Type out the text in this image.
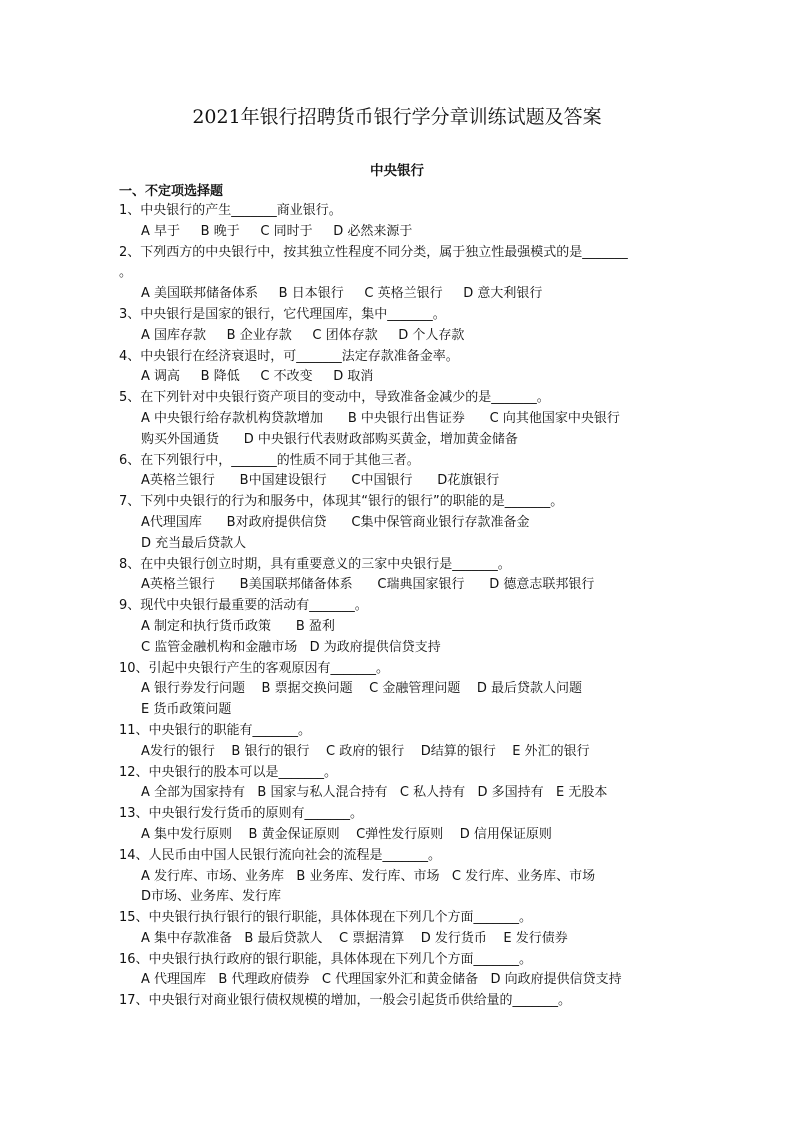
2021年银行招聘货币银行学分章训练试题及答案
中央银行
一、不定项选择题
1、中央银行的产生_______商业银行。
A 早于     B 晚于     C 同时于     D 必然来源于
2、下列西方的中央银行中，按其独立性程度不同分类，属于独立性最强模式的是_______
。
A 美国联邦储备体系     B 日本银行     C 英格兰银行     D 意大利银行
3、中央银行是国家的银行，它代理国库，集中_______。
A 国库存款     B 企业存款     C 团体存款     D 个人存款
4、中央银行在经济衰退时，可_______法定存款准备金率。
A 调高     B 降低     C 不改变     D 取消
5、在下列针对中央银行资产项目的变动中，导致准备金减少的是_______。
A 中央银行给存款机构贷款增加      B 中央银行出售证券      C 向其他国家中央银行
购买外国通货      D 中央银行代表财政部购买黄金，增加黄金储备
6、在下列银行中，_______的性质不同于其他三者。
A英格兰银行      B中国建设银行      C中国银行      D花旗银行
7、下列中央银行的行为和服务中，体现其“银行的银行”的职能的是_______。
A代理国库      B对政府提供信贷      C集中保管商业银行存款准备金
D 充当最后贷款人
8、在中央银行创立时期，具有重要意义的三家中央银行是_______。
A英格兰银行      B美国联邦储备体系      C瑞典国家银行      D 德意志联邦银行
9、现代中央银行最重要的活动有_______。
A 制定和执行货币政策      B 盈利
C 监管金融机构和金融市场   D 为政府提供信贷支持
10、引起中央银行产生的客观原因有_______。
A 银行券发行问题    B 票据交换问题    C 金融管理问题    D 最后贷款人问题
E 货币政策问题
11、中央银行的职能有_______。
A发行的银行    B 银行的银行    C 政府的银行    D结算的银行    E 外汇的银行
12、中央银行的股本可以是_______。
A 全部为国家持有   B 国家与私人混合持有   C 私人持有   D 多国持有   E 无股本
13、中央银行发行货币的原则有_______。
A 集中发行原则    B 黄金保证原则    C弹性发行原则    D 信用保证原则
14、人民币由中国人民银行流向社会的流程是_______。
A 发行库、市场、业务库   B 业务库、发行库、市场   C 发行库、业务库、市场
D市场、业务库、发行库
15、中央银行执行银行的银行职能，具体体现在下列几个方面_______。
A 集中存款准备   B 最后贷款人    C 票据清算    D 发行货币    E 发行债券
16、中央银行执行政府的银行职能，具体体现在下列几个方面_______。
A 代理国库   B 代理政府债券   C 代理国家外汇和黄金储备   D 向政府提供信贷支持
17、中央银行对商业银行债权规模的增加，一般会引起货币供给量的_______。
